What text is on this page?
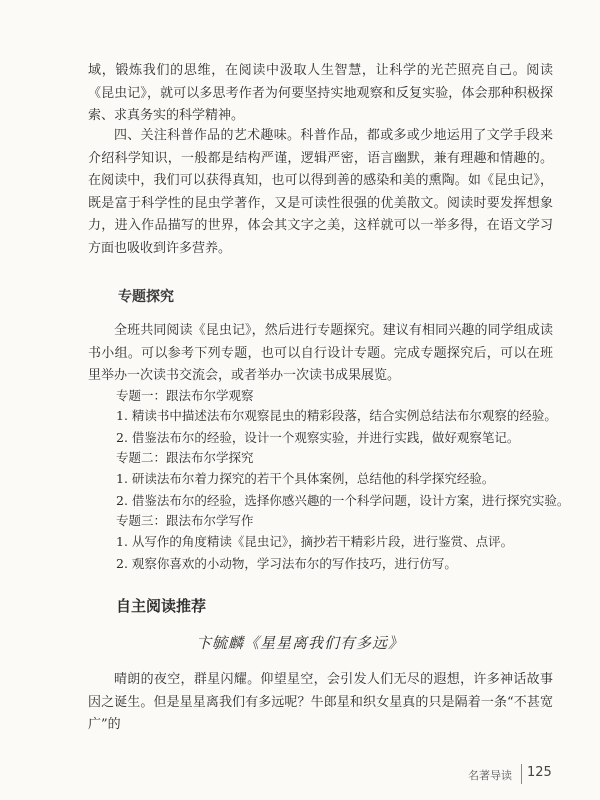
域，锻炼我们的思维，在阅读中汲取人生智慧，让科学的光芒照亮自己。阅读《昆虫记》，就可以多思考作者为何要坚持实地观察和反复实验，体会那种积极探索、求真务实的科学精神。

四、关注科普作品的艺术趣味。科普作品，都或多或少地运用了文学手段来介绍科学知识，一般都是结构严谨，逻辑严密，语言幽默，兼有理趣和情趣的。在阅读中，我们可以获得真知，也可以得到善的感染和美的熏陶。如《昆虫记》，既是富于科学性的昆虫学著作，又是可读性很强的优美散文。阅读时要发挥想象力，进入作品描写的世界，体会其文字之美，这样就可以一举多得，在语文学习方面也吸收到许多营养。

专题探究

全班共同阅读《昆虫记》，然后进行专题探究。建议有相同兴趣的同学组成读书小组。可以参考下列专题，也可以自行设计专题。完成专题探究后，可以在班里举办一次读书交流会，或者举办一次读书成果展览。

专题一：跟法布尔学观察
1. 精读书中描述法布尔观察昆虫的精彩段落，结合实例总结法布尔观察的经验。
2. 借鉴法布尔的经验，设计一个观察实验，并进行实践，做好观察笔记。
专题二：跟法布尔学探究
1. 研读法布尔着力探究的若干个具体案例，总结他的科学探究经验。
2. 借鉴法布尔的经验，选择你感兴趣的一个科学问题，设计方案，进行探究实验。
专题三：跟法布尔学写作
1. 从写作的角度精读《昆虫记》，摘抄若干精彩片段，进行鉴赏、点评。
2. 观察你喜欢的小动物，学习法布尔的写作技巧，进行仿写。
自主阅读推荐
卞毓麟《星星离我们有多远》

晴朗的夜空，群星闪耀。仰望星空，会引发人们无尽的遐想，许多神话故事因之诞生。但是星星离我们有多远呢？牛郎星和织女星真的只是隔着一条“不甚宽广”的

名著导读 125
